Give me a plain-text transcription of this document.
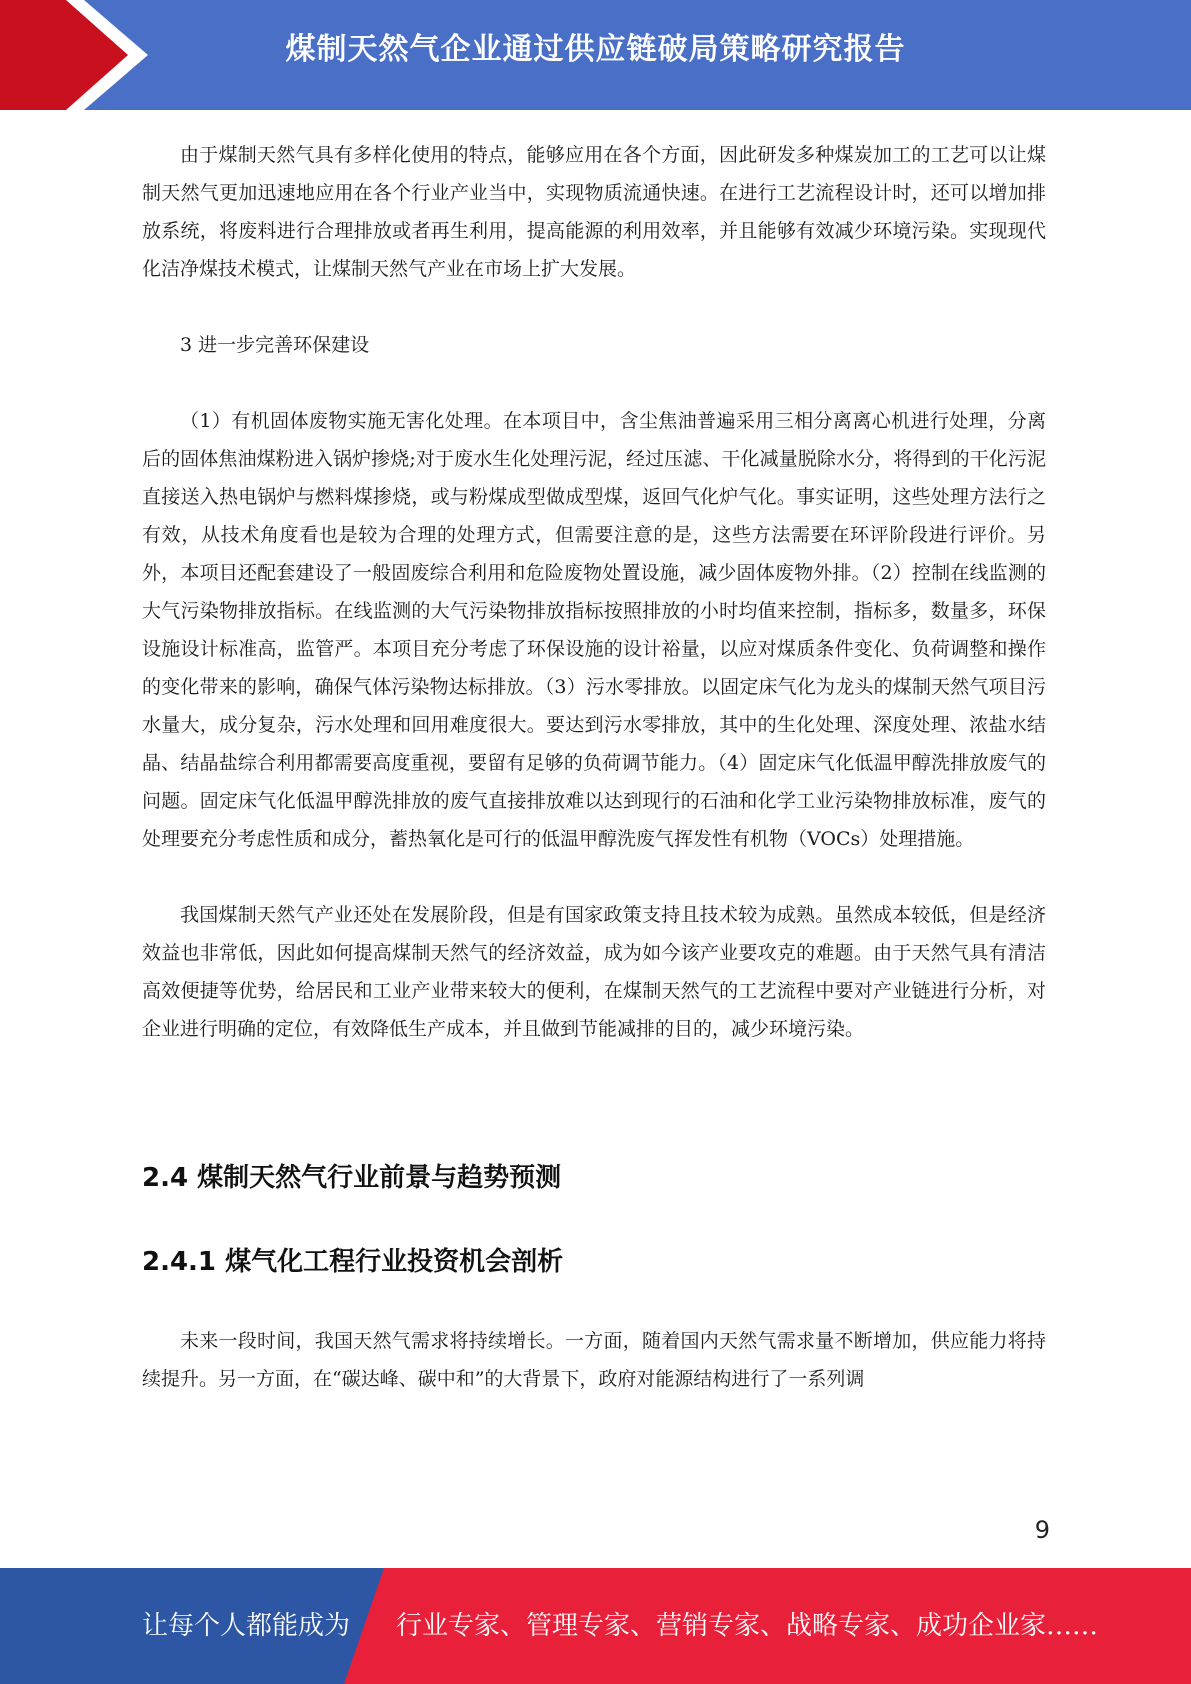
煤制天然气企业通过供应链破局策略研究报告

由于煤制天然气具有多样化使用的特点，能够应用在各个方面，因此研发多种煤炭加工的工艺可以让煤制天然气更加迅速地应用在各个行业产业当中，实现物质流通快速。在进行工艺流程设计时，还可以增加排放系统，将废料进行合理排放或者再生利用，提高能源的利用效率，并且能够有效减少环境污染。实现现代化洁净煤技术模式，让煤制天然气产业在市场上扩大发展。

3 进一步完善环保建设

（1）有机固体废物实施无害化处理。在本项目中，含尘焦油普遍采用三相分离离心机进行处理，分离后的固体焦油煤粉进入锅炉掺烧;对于废水生化处理污泥，经过压滤、干化减量脱除水分，将得到的干化污泥直接送入热电锅炉与燃料煤掺烧，或与粉煤成型做成型煤，返回气化炉气化。事实证明，这些处理方法行之有效，从技术角度看也是较为合理的处理方式，但需要注意的是，这些方法需要在环评阶段进行评价。另外，本项目还配套建设了一般固废综合利用和危险废物处置设施，减少固体废物外排。（2）控制在线监测的大气污染物排放指标。在线监测的大气污染物排放指标按照排放的小时均值来控制，指标多，数量多，环保设施设计标准高，监管严。本项目充分考虑了环保设施的设计裕量，以应对煤质条件变化、负荷调整和操作的变化带来的影响，确保气体污染物达标排放。（3）污水零排放。以固定床气化为龙头的煤制天然气项目污水量大，成分复杂，污水处理和回用难度很大。要达到污水零排放，其中的生化处理、深度处理、浓盐水结晶、结晶盐综合利用都需要高度重视，要留有足够的负荷调节能力。（4）固定床气化低温甲醇洗排放废气的问题。固定床气化低温甲醇洗排放的废气直接排放难以达到现行的石油和化学工业污染物排放标准，废气的处理要充分考虑性质和成分，蓄热氧化是可行的低温甲醇洗废气挥发性有机物（VOCs）处理措施。

我国煤制天然气产业还处在发展阶段，但是有国家政策支持且技术较为成熟。虽然成本较低，但是经济效益也非常低，因此如何提高煤制天然气的经济效益，成为如今该产业要攻克的难题。由于天然气具有清洁高效便捷等优势，给居民和工业产业带来较大的便利，在煤制天然气的工艺流程中要对产业链进行分析，对企业进行明确的定位，有效降低生产成本，并且做到节能减排的目的，减少环境污染。

2.4 煤制天然气行业前景与趋势预测
2.4.1 煤气化工程行业投资机会剖析

未来一段时间，我国天然气需求将持续增长。一方面，随着国内天然气需求量不断增加，供应能力将持续提升。另一方面，在“碳达峰、碳中和”的大背景下，政府对能源结构进行了一系列调

9
让每个人都能成为 行业专家、管理专家、营销专家、战略专家、成功企业家……
